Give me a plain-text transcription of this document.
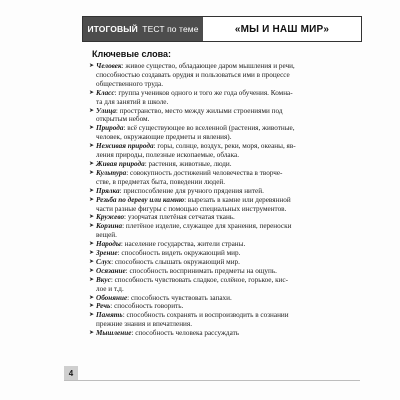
ИТОГОВЫЙ
ТЕСТ по теме	«МЫ И НАШ МИР»
Ключевые слова:
➤ Человек: живое существо, обладающее даром мышления и речи,
способностью создавать орудия и пользоваться ими в процессе
общественного труда.
➤ Класс: группа учеников одного и того же года обучения. Комна-
та для занятий в школе.
➤ Улица: пространство, место между жилыми строениями под
открытым небом.
➤ Природа: всё существующее во вселенной (растения, животные,
человек, окружающие предметы и явления).
➤ Неживая природа: горы, солнце, воздух, реки, моря, океаны, яв-
ления природы, полезные ископаемые, облака.
➤ Живая природа: растения, животные, люди.
➤ Культура: совокупность достижений человечества в творче-
стве, в предметах быта, поведении людей.
➤ Прялка: приспособление для ручного прядения нитей.
➤ Резьба по дереву или камню: вырезать в камне или деревянной
части разные фигуры с помощью специальных инструментов.
➤ Кружево: узорчатая плетёная сетчатая ткань.
➤ Корзина: плетёное изделие, служащее для хранения, переноски
вещей.
➤ Народы: население государства, жители страны.
➤ Зрение: способность видеть окружающий мир.
➤ Слух: способность слышать окружающий мир.
➤ Осязание: способность воспринимать предметы на ощупь.
➤ Вкус: способность чувствовать сладкое, солёное, горькое, кис-
лое и т.д.
➤ Обоняние: способность чувствовать запахи.
➤ Речь: способность говорить.
➤ Память: способность сохранять и воспроизводить в сознании
прежние знания и впечатления.
➤ Мышление: способность человека рассуждать
4
